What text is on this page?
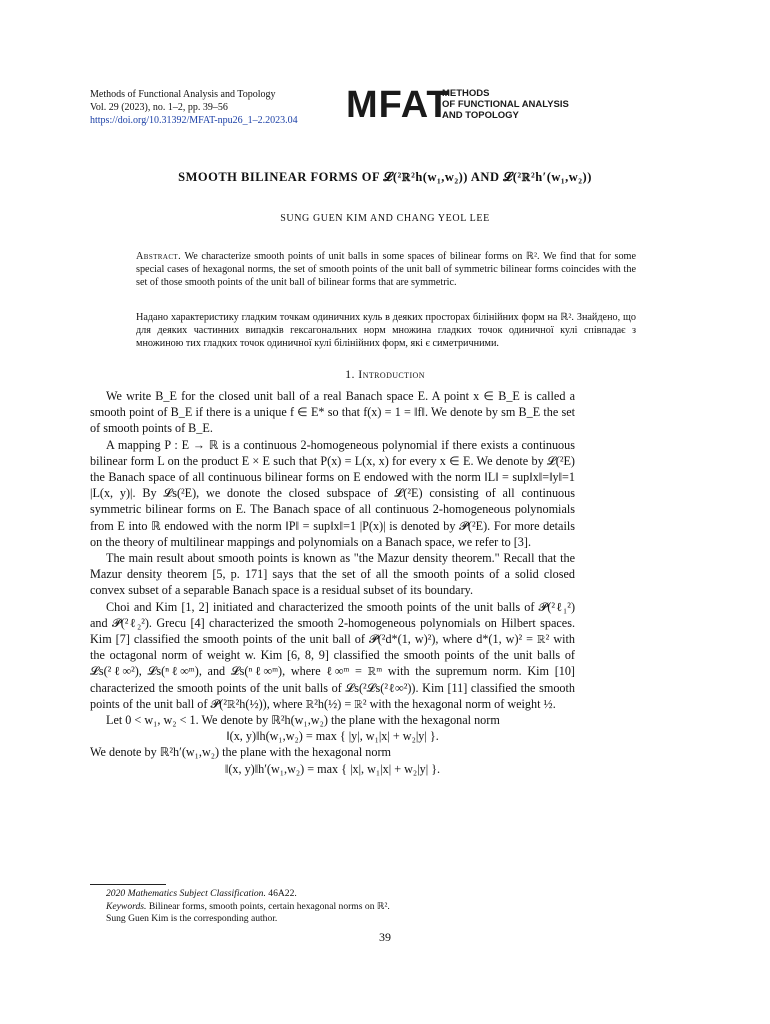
Methods of Functional Analysis and Topology
Vol. 29 (2023), no. 1–2, pp. 39–56
https://doi.org/10.31392/MFAT-npu26_1–2.2023.04 MFAT
METHODS
OF FUNCTIONAL ANALYSIS
AND TOPOLOGY
SMOOTH BILINEAR FORMS OF 𝓛(²ℝ²h(w₁,w₂)) AND 𝓛(²ℝ²h′(w₁,w₂))
SUNG GUEN KIM AND CHANG YEOL LEE
Abstract. We characterize smooth points of unit balls in some spaces of bilinear forms on ℝ². We find that for some special cases of hexagonal norms, the set of smooth points of the unit ball of symmetric bilinear forms coincides with the set of those smooth points of the unit ball of bilinear forms that are symmetric.
Надано характеристику гладким точкам одиничних куль в деяких просторах білінійних форм на ℝ². Знайдено, що для деяких частинних випадків гексагональних норм множина гладких точок одиничної кулі співпадає з множиною тих гладких точок одиничної кулі білінійних форм, які є симетричними.
1. Introduction

We write B_E for the closed unit ball of a real Banach space E. A point x ∈ B_E is called a smooth point of B_E if there is a unique f ∈ E* so that f(x) = 1 = ‖f‖. We denote by sm B_E the set of smooth points of B_E.

A mapping P : E → ℝ is a continuous 2-homogeneous polynomial if there exists a continuous bilinear form L on the product E × E such that P(x) = L(x, x) for every x ∈ E. We denote by 𝓛(²E) the Banach space of all continuous bilinear forms on E endowed with the norm ‖L‖ = sup‖x‖=‖y‖=1 |L(x, y)|. By 𝓛s(²E), we donote the closed subspace of 𝓛(²E) consisting of all continuous symmetric bilinear forms on E. The Banach space of all continuous 2-homogeneous polynomials from E into ℝ endowed with the norm ‖P‖ = sup‖x‖=1 |P(x)| is denoted by 𝓟(²E). For more details on the theory of multilinear mappings and polynomials on a Banach space, we refer to [3].

The main result about smooth points is known as "the Mazur density theorem." Recall that the Mazur density theorem [5, p. 171] says that the set of all the smooth points of a solid closed convex subset of a separable Banach space is a residual subset of its boundary.

Choi and Kim [1, 2] initiated and characterized the smooth points of the unit balls of 𝓟(²ℓ₁²) and 𝓟(²ℓ₂²). Grecu [4] characterized the smooth 2-homogeneous polynomials on Hilbert spaces. Kim [7] classified the smooth points of the unit ball of 𝓟(²d*(1, w)²), where d*(1, w)² = ℝ² with the octagonal norm of weight w. Kim [6, 8, 9] classified the smooth points of the unit balls of 𝓛s(²ℓ∞²), 𝓛s(ⁿℓ∞ᵐ), and 𝓛s(ⁿℓ∞ᵐ), where ℓ∞ᵐ = ℝᵐ with the supremum norm. Kim [10] characterized the smooth points of the unit balls of 𝓛s(²𝓛s(²ℓ∞²)). Kim [11] classified the smooth points of the unit ball of 𝓟(²ℝ²h(½)), where ℝ²h(½) = ℝ² with the hexagonal norm of weight ½.

Let 0 < w₁, w₂ < 1. We denote by ℝ²h(w₁,w₂) the plane with the hexagonal norm

‖(x, y)‖h(w₁,w₂) = max { |y|, w₁|x| + w₂|y| }.

We denote by ℝ²h′(w₁,w₂) the plane with the hexagonal norm

‖(x, y)‖h′(w₁,w₂) = max { |x|, w₁|x| + w₂|y| }.

2020 Mathematics Subject Classification. 46A22.
Keywords. Bilinear forms, smooth points, certain hexagonal norms on ℝ².
Sung Guen Kim is the corresponding author.
39
